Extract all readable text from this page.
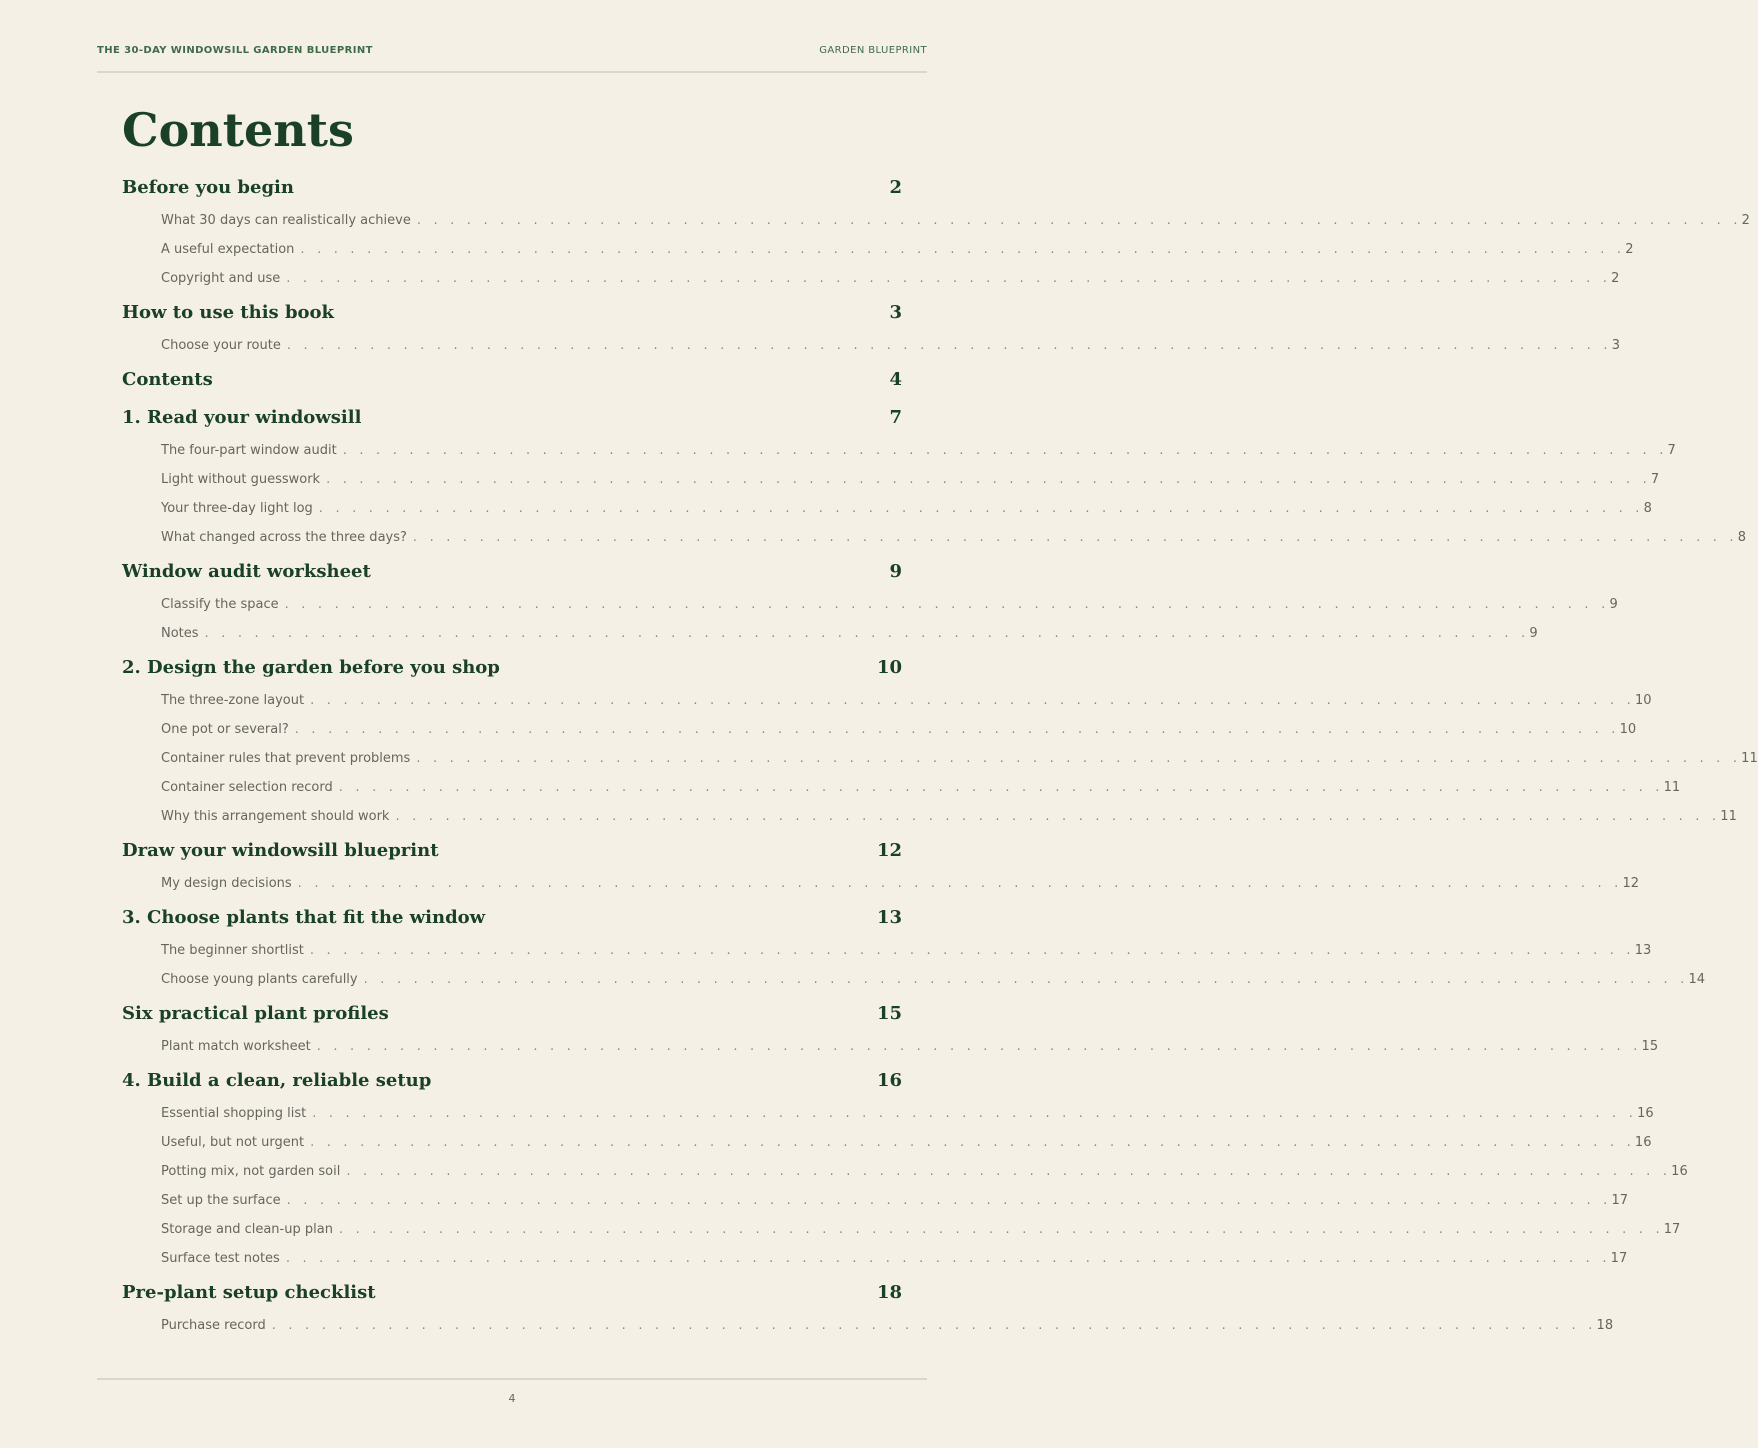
THE 30-DAY WINDOWSILL GARDEN BLUEPRINT	GARDEN BLUEPRINT
Contents
Before you begin	2
What 30 days can realistically achieve . . . . . . . . . . . . . . . . . . . . . . . . . . . . . . . . . . . . . . . . . . . . . . . . . . . . . . . . . . . . . . . . . . . . . . . . . . . . . . . . 2
A useful expectation . . . . . . . . . . . . . . . . . . . . . . . . . . . . . . . . . . . . . . . . . . . . . . . . . . . . . . . . . . . . . . . . . . . . . . . . . . . . . . . . 2
Copyright and use . . . . . . . . . . . . . . . . . . . . . . . . . . . . . . . . . . . . . . . . . . . . . . . . . . . . . . . . . . . . . . . . . . . . . . . . . . . . . . . . 2
How to use this book	3
Choose your route . . . . . . . . . . . . . . . . . . . . . . . . . . . . . . . . . . . . . . . . . . . . . . . . . . . . . . . . . . . . . . . . . . . . . . . . . . . . . . . . 3
Contents	4
1. Read your windowsill	7
The four-part window audit . . . . . . . . . . . . . . . . . . . . . . . . . . . . . . . . . . . . . . . . . . . . . . . . . . . . . . . . . . . . . . . . . . . . . . . . . . . . . . . . 7
Light without guesswork . . . . . . . . . . . . . . . . . . . . . . . . . . . . . . . . . . . . . . . . . . . . . . . . . . . . . . . . . . . . . . . . . . . . . . . . . . . . . . . . 7
Your three-day light log . . . . . . . . . . . . . . . . . . . . . . . . . . . . . . . . . . . . . . . . . . . . . . . . . . . . . . . . . . . . . . . . . . . . . . . . . . . . . . . . 8
What changed across the three days? . . . . . . . . . . . . . . . . . . . . . . . . . . . . . . . . . . . . . . . . . . . . . . . . . . . . . . . . . . . . . . . . . . . . . . . . . . . . . . . . 8
Window audit worksheet	9
Classify the space . . . . . . . . . . . . . . . . . . . . . . . . . . . . . . . . . . . . . . . . . . . . . . . . . . . . . . . . . . . . . . . . . . . . . . . . . . . . . . . . 9
Notes . . . . . . . . . . . . . . . . . . . . . . . . . . . . . . . . . . . . . . . . . . . . . . . . . . . . . . . . . . . . . . . . . . . . . . . . . . . . . . . . 9
2. Design the garden before you shop	10
The three-zone layout . . . . . . . . . . . . . . . . . . . . . . . . . . . . . . . . . . . . . . . . . . . . . . . . . . . . . . . . . . . . . . . . . . . . . . . . . . . . . . . . 10
One pot or several? . . . . . . . . . . . . . . . . . . . . . . . . . . . . . . . . . . . . . . . . . . . . . . . . . . . . . . . . . . . . . . . . . . . . . . . . . . . . . . . . 10
Container rules that prevent problems . . . . . . . . . . . . . . . . . . . . . . . . . . . . . . . . . . . . . . . . . . . . . . . . . . . . . . . . . . . . . . . . . . . . . . . . . . . . . . . . 11
Container selection record . . . . . . . . . . . . . . . . . . . . . . . . . . . . . . . . . . . . . . . . . . . . . . . . . . . . . . . . . . . . . . . . . . . . . . . . . . . . . . . . 11
Why this arrangement should work . . . . . . . . . . . . . . . . . . . . . . . . . . . . . . . . . . . . . . . . . . . . . . . . . . . . . . . . . . . . . . . . . . . . . . . . . . . . . . . . 11
Draw your windowsill blueprint	12
My design decisions . . . . . . . . . . . . . . . . . . . . . . . . . . . . . . . . . . . . . . . . . . . . . . . . . . . . . . . . . . . . . . . . . . . . . . . . . . . . . . . . 12
3. Choose plants that fit the window	13
The beginner shortlist . . . . . . . . . . . . . . . . . . . . . . . . . . . . . . . . . . . . . . . . . . . . . . . . . . . . . . . . . . . . . . . . . . . . . . . . . . . . . . . . 13
Choose young plants carefully . . . . . . . . . . . . . . . . . . . . . . . . . . . . . . . . . . . . . . . . . . . . . . . . . . . . . . . . . . . . . . . . . . . . . . . . . . . . . . . . 14
Six practical plant profiles	15
Plant match worksheet . . . . . . . . . . . . . . . . . . . . . . . . . . . . . . . . . . . . . . . . . . . . . . . . . . . . . . . . . . . . . . . . . . . . . . . . . . . . . . . . 15
4. Build a clean, reliable setup	16
Essential shopping list . . . . . . . . . . . . . . . . . . . . . . . . . . . . . . . . . . . . . . . . . . . . . . . . . . . . . . . . . . . . . . . . . . . . . . . . . . . . . . . . 16
Useful, but not urgent . . . . . . . . . . . . . . . . . . . . . . . . . . . . . . . . . . . . . . . . . . . . . . . . . . . . . . . . . . . . . . . . . . . . . . . . . . . . . . . . 16
Potting mix, not garden soil . . . . . . . . . . . . . . . . . . . . . . . . . . . . . . . . . . . . . . . . . . . . . . . . . . . . . . . . . . . . . . . . . . . . . . . . . . . . . . . . 16
Set up the surface . . . . . . . . . . . . . . . . . . . . . . . . . . . . . . . . . . . . . . . . . . . . . . . . . . . . . . . . . . . . . . . . . . . . . . . . . . . . . . . . 17
Storage and clean-up plan . . . . . . . . . . . . . . . . . . . . . . . . . . . . . . . . . . . . . . . . . . . . . . . . . . . . . . . . . . . . . . . . . . . . . . . . . . . . . . . . 17
Surface test notes . . . . . . . . . . . . . . . . . . . . . . . . . . . . . . . . . . . . . . . . . . . . . . . . . . . . . . . . . . . . . . . . . . . . . . . . . . . . . . . . 17
Pre-plant setup checklist	18
Purchase record . . . . . . . . . . . . . . . . . . . . . . . . . . . . . . . . . . . . . . . . . . . . . . . . . . . . . . . . . . . . . . . . . . . . . . . . . . . . . . . . 18
4
